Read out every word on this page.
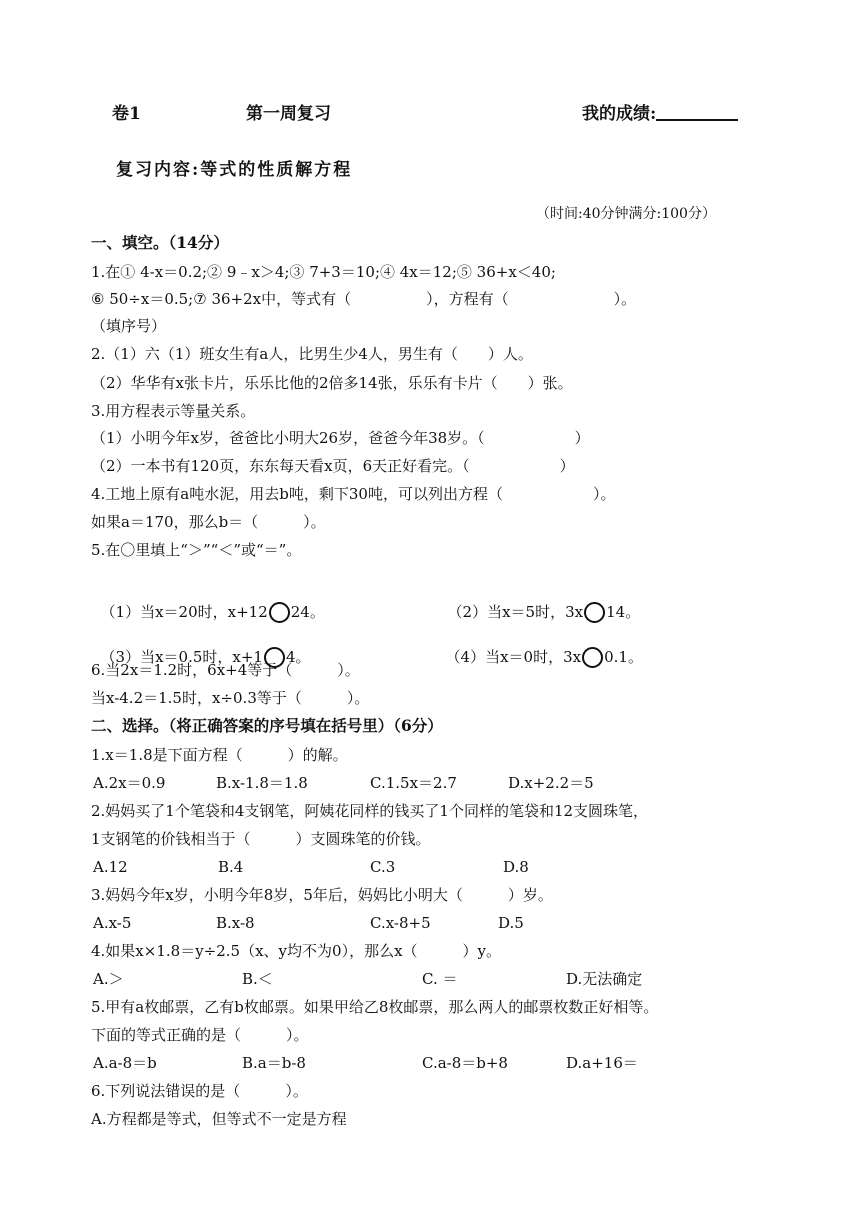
卷1	第一周复习	我的成绩:
复习内容:等式的性质解方程
（时间:40分钟满分:100分）
一、填空。（14分）
1.在① 4-x＝0.2;② 9﹣x＞4;③ 7+3＝10;④ 4x＝12;⑤ 36+x＜40;
⑥ 50÷x＝0.5;⑦ 36+2x中，等式有（　　　　　），方程有（　　　　　　　）。
（填序号）
2.（1）六（1）班女生有a人，比男生少4人，男生有（　　）人。
（2）华华有x张卡片，乐乐比他的2倍多14张，乐乐有卡片（　　）张。
3.用方程表示等量关系。
（1）小明今年x岁，爸爸比小明大26岁，爸爸今年38岁。（　　　　　　）
（2）一本书有120页，东东每天看x页，6天正好看完。（　　　　　　）
4.工地上原有a吨水泥，用去b吨，剩下30吨，可以列出方程（　　　　　　）。
如果a＝170，那么b＝（　　　）。
5.在〇里填上“＞”“＜”或“＝”。

（1）当x＝20时，x+12 24。	（2）当x＝5时，3x 14。

（3）当x＝0.5时，x+1 4。	（4）当x＝0时，3x 0.1。

6.当2x＝1.2时，6x+4等于（　　　）。
当x-4.2＝1.5时，x÷0.3等于（　　　）。
二、选择。（将正确答案的序号填在括号里）（6分）
1.x＝1.8是下面方程（　　　）的解。
A.2x＝0.9	B.x-1.8＝1.8	C.1.5x＝2.7	D.x+2.2＝5
2.妈妈买了1个笔袋和4支钢笔，阿姨花同样的钱买了1个同样的笔袋和12支圆珠笔，
1支钢笔的价钱相当于（　　　）支圆珠笔的价钱。
A.12	B.4	C.3	D.8
3.妈妈今年x岁，小明今年8岁，5年后，妈妈比小明大（　　　）岁。
A.x-5	B.x-8	C.x-8+5	D.5
4.如果x×1.8＝y÷2.5（x、y均不为0），那么x（　　　）y。
A.＞	B.＜	C. ＝	D.无法确定
5.甲有a枚邮票，乙有b枚邮票。如果甲给乙8枚邮票，那么两人的邮票枚数正好相等。
下面的等式正确的是（　　　）。
A.a-8＝b	B.a＝b-8	C.a-8＝b+8	D.a+16＝
6.下列说法错误的是（　　　）。
A.方程都是等式，但等式不一定是方程
